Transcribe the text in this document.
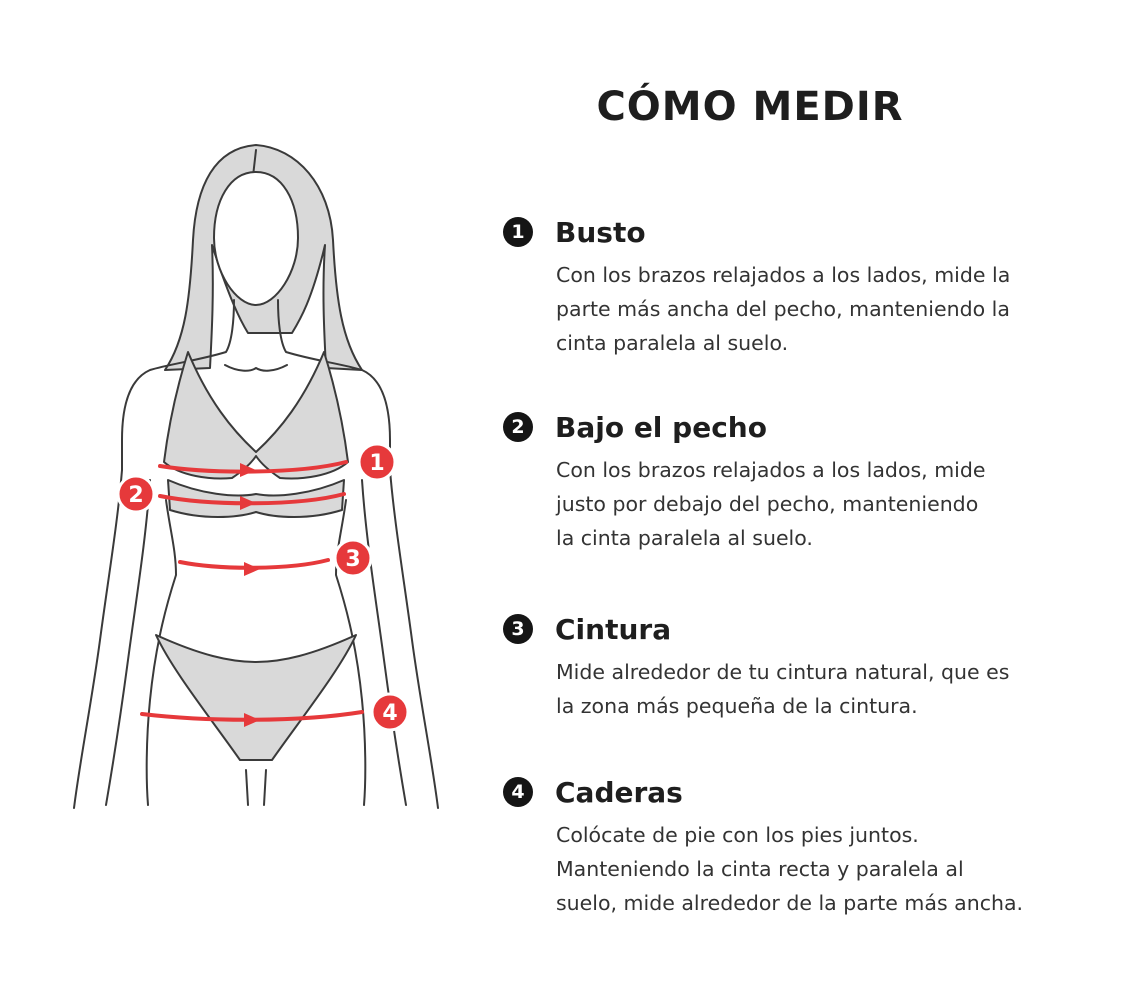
1
2
3
4
CÓMO MEDIR
1 Busto
Con los brazos relajados a los lados, mide la
parte más ancha del pecho, manteniendo la
cinta paralela al suelo.
2 Bajo el pecho
Con los brazos relajados a los lados, mide
justo por debajo del pecho, manteniendo
la cinta paralela al suelo.
3 Cintura
Mide alrededor de tu cintura natural, que es
la zona más pequeña de la cintura.
4 Caderas
Colócate de pie con los pies juntos.
Manteniendo la cinta recta y paralela al
suelo, mide alrededor de la parte más ancha.
